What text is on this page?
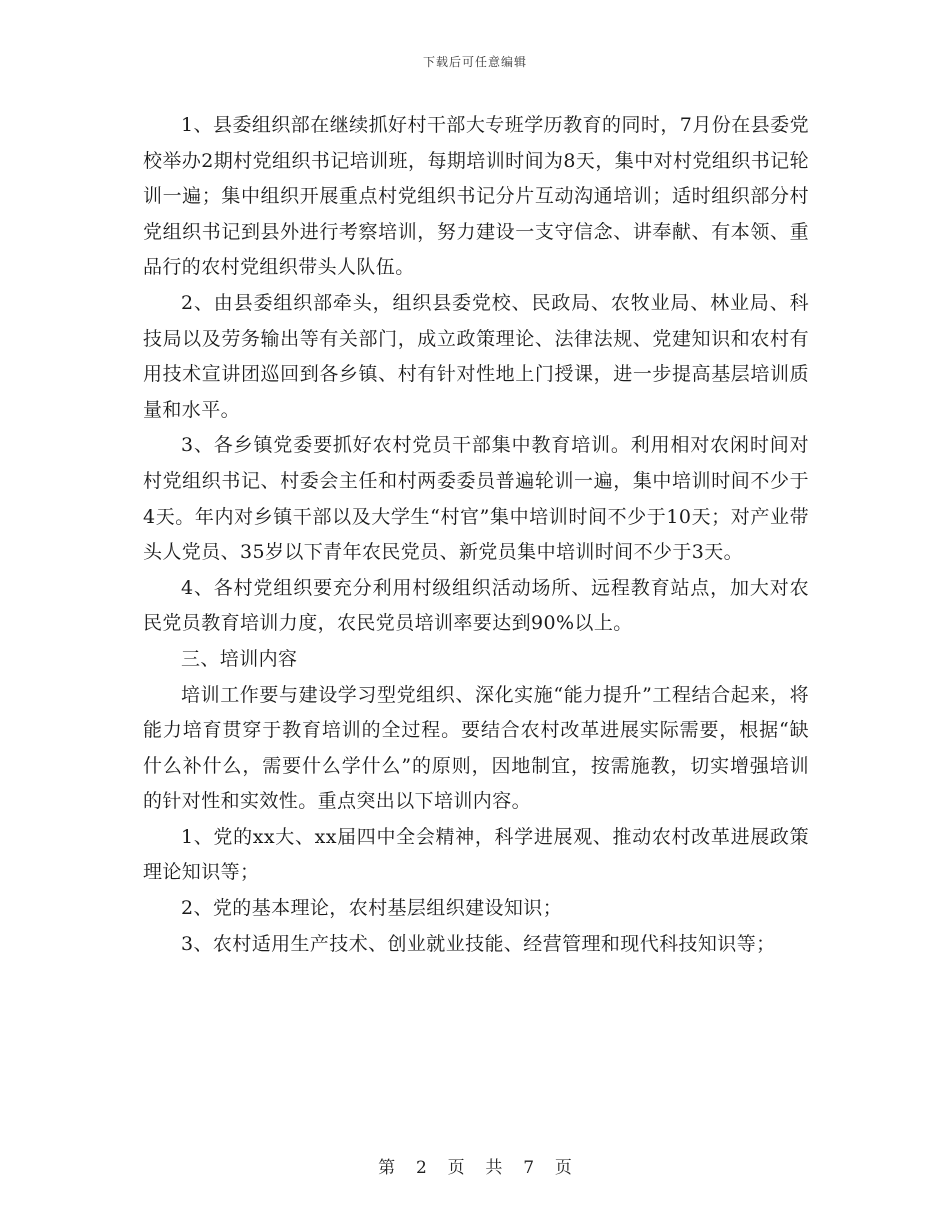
下载后可任意编辑

1、县委组织部在继续抓好村干部大专班学历教育的同时，7月份在县委党校举办2期村党组织书记培训班，每期培训时间为8天，集中对村党组织书记轮训一遍；集中组织开展重点村党组织书记分片互动沟通培训；适时组织部分村党组织书记到县外进行考察培训，努力建设一支守信念、讲奉献、有本领、重品行的农村党组织带头人队伍。

2、由县委组织部牵头，组织县委党校、民政局、农牧业局、林业局、科技局以及劳务输出等有关部门，成立政策理论、法律法规、党建知识和农村有用技术宣讲团巡回到各乡镇、村有针对性地上门授课，进一步提高基层培训质量和水平。

3、各乡镇党委要抓好农村党员干部集中教育培训。利用相对农闲时间对村党组织书记、村委会主任和村两委委员普遍轮训一遍，集中培训时间不少于4天。年内对乡镇干部以及大学生“村官”集中培训时间不少于10天；对产业带头人党员、35岁以下青年农民党员、新党员集中培训时间不少于3天。

4、各村党组织要充分利用村级组织活动场所、远程教育站点，加大对农民党员教育培训力度，农民党员培训率要达到90%以上。

三、培训内容

培训工作要与建设学习型党组织、深化实施“能力提升”工程结合起来，将能力培育贯穿于教育培训的全过程。要结合农村改革进展实际需要，根据“缺什么补什么，需要什么学什么”的原则，因地制宜，按需施教，切实增强培训的针对性和实效性。重点突出以下培训内容。

1、党的xx大、xx届四中全会精神，科学进展观、推动农村改革进展政策理论知识等；

2、党的基本理论，农村基层组织建设知识；

3、农村适用生产技术、创业就业技能、经营管理和现代科技知识等；

第 2 页 共 7 页
